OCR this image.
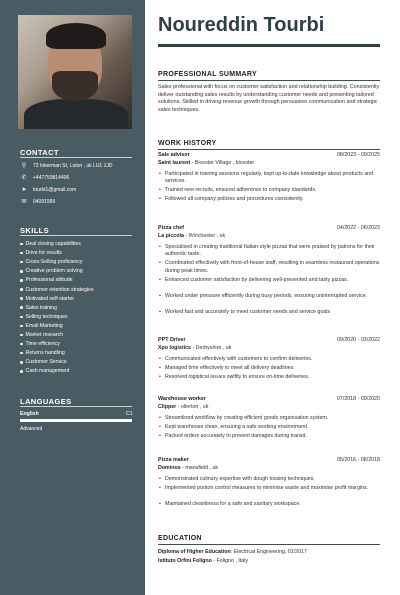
CONTACT
⚲	72 Inkerman St, Luton , uk LU1 1JD
✆ +447759814406
➤ tourbi1@gmail.com
✉ 04091999
SKILLS
Deal closing capabilities
Drive for results
Cross-Selling proficiency
Creative problem solving
Professional attitude
Customer retention strategies
Motivated self-starter
Sales training
Selling techniques
Email Marketing
Market research
Time efficiency
Returns handling
Customer Service
Cash management
LANGUAGES
English	C1
Advanced
Noureddin Tourbi
PROFESSIONAL SUMMARY
Sales professional with focus on customer satisfaction and relationship building. Consistently deliver outstanding sales results by understanding customer needs and presenting tailored solutions. Skilled in driving revenue growth through persuasive communication and strategic sales techniques.
WORK HISTORY
Sale advisor	08/2023 - 09/2025
Saint laurent - Bicester Village , bicester
• Participated in training sessions regularly, kept up-to-date knowledge about products and services.
• Trained new recruits, ensured adherence to company standards.
• Followed all company policies and procedures consistently.
Pizza chef	04/2022 - 06/2023
La piccola - Winchester , uk
• Specialised in creating traditional Italian-style pizzas that were praised by patrons for their authentic taste.
• Coordinated effectively with front-of-house staff, resulting in seamless restaurant operations during peak times.
• Enhanced customer satisfaction by delivering well-presented and tasty pizzas.
• Worked under pressure efficiently during busy periods, ensuring uninterrupted service.
• Worked fast and accurately to meet customer needs and service goals
PPT Driver	09/2020 - 03/2022
Xpo logistics - Derbyshire , uk
• Communicated effectively with customers to confirm deliveries.
• Managed time effectively to meet all delivery deadlines.
• Resolved logistical issues swiftly to ensure on-time deliveries.
Warehouse worker	07/2018 - 09/2020
Clipper - ollerton , uk
• Streamlined workflow by creating efficient goods organisation system.
• Kept warehouse clean, ensuring a safe working environment.
• Packed orders accurately to prevent damages during transit.
Pizza maker	05/2016 - 08/2018
Dominos - mansfield , uk
• Demonstrated culinary expertise with dough tossing techniques.
• Implemented portion control measures to minimise waste and maximise profit margins.
• Maintained cleanliness for a safe and sanitary workspace.
EDUCATION
Diploma of Higher Education: Electrical Engineering, 01/2017
Istituto Orfini Foligno - Foligno , Italy
